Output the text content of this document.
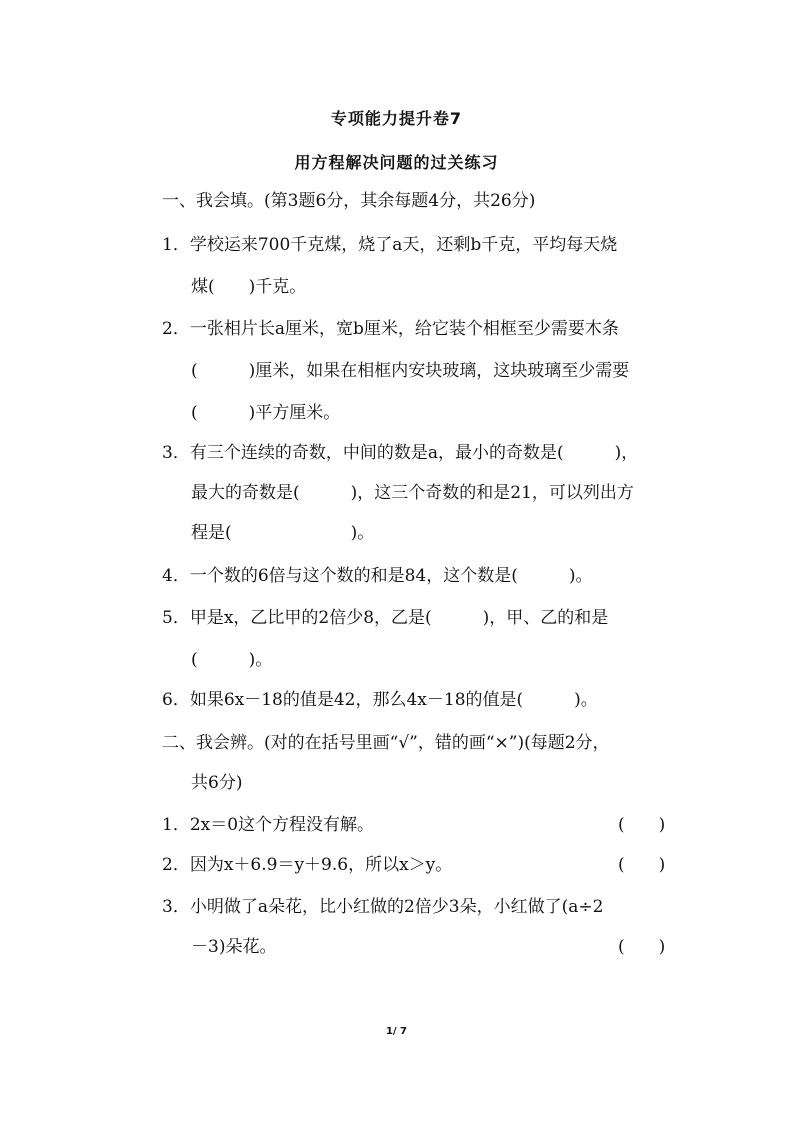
专项能力提升卷7
用方程解决问题的过关练习
一、我会填。(第3题6分，其余每题4分，共26分)
1．学校运来700千克煤，烧了a天，还剩b千克，平均每天烧
煤(　　)千克。
2．一张相片长a厘米，宽b厘米，给它装个相框至少需要木条
(　　　)厘米，如果在相框内安块玻璃，这块玻璃至少需要
(　　　)平方厘米。
3．有三个连续的奇数，中间的数是a，最小的奇数是(　　　)，
最大的奇数是(　　　)，这三个奇数的和是21，可以列出方
程是(　　　　　　　)。
4．一个数的6倍与这个数的和是84，这个数是(　　　)。
5．甲是x，乙比甲的2倍少8，乙是(　　　)，甲、乙的和是
(　　　)。
6．如果6x－18的值是42，那么4x－18的值是(　　　)。
二、我会辨。(对的在括号里画“√”，错的画“×”)(每题2分，
共6分)
1．2x＝0这个方程没有解。	(　　)
2．因为x＋6.9＝y＋9.6，所以x＞y。	(　　)
3．小明做了a朵花，比小红做的2倍少3朵，小红做了(a÷2
－3)朵花。	(　　)
1/ 7
